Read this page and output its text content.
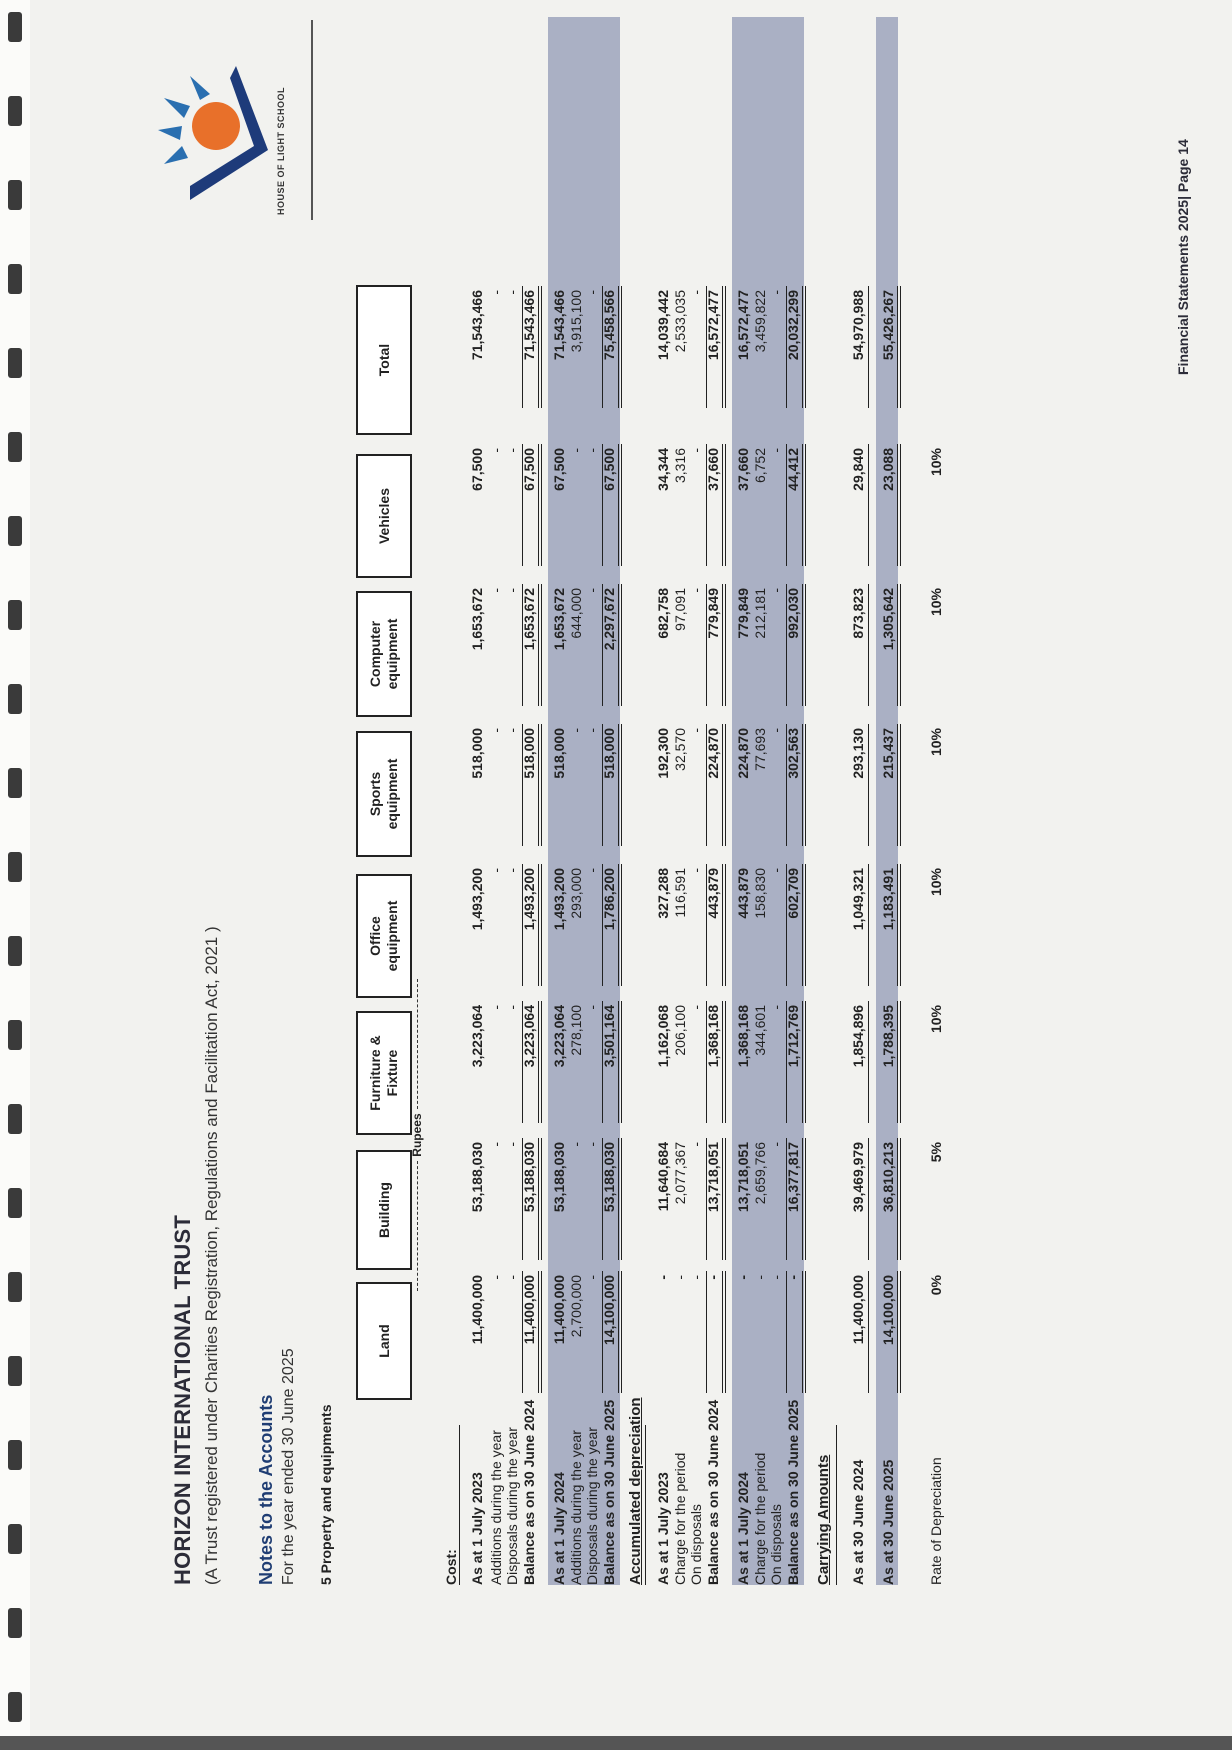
HORIZON INTERNATIONAL TRUST (A Trust registered under Charities Registration, Regulations and Facilitation Act, 2021 ) Notes to the Accounts For the year ended 30 June 2025 5 Property and equipments
HOUSE OF LIGHT SCHOOL
Land
Building
Furniture & Fixture
Office equipment
Sports equipment
Computer equipment
Vehicles
Total
Rupees
Cost:	Accumulated depreciation	Carrying Amounts
As at 1 July 2023
11,400,000
53,188,030
3,223,064
1,493,200
518,000
1,653,672
67,500
71,543,466
Additions during the year
-
-
-
-
-
-
-
-
Disposals during the year
-
-
-
-
-
-
-
-
Balance as on 30 June 2024
11,400,000
53,188,030
3,223,064
1,493,200
518,000
1,653,672
67,500
71,543,466
As at 1 July 2024
11,400,000
53,188,030
3,223,064
1,493,200
518,000
1,653,672
67,500
71,543,466
Additions during the year
2,700,000
-
278,100
293,000
-
644,000
-
3,915,100
Disposals during the year
-
-
-
-
-
-
-
-
Balance as on 30 June 2025
14,100,000
53,188,030
3,501,164
1,786,200
518,000
2,297,672
67,500
75,458,566
As at 1 July 2023
-
11,640,684
1,162,068
327,288
192,300
682,758
34,344
14,039,442
Charge for the period
-
2,077,367
206,100
116,591
32,570
97,091
3,316
2,533,035
On disposals
-
-
-
-
-
-
-
-
Balance as on 30 June 2024
-
13,718,051
1,368,168
443,879
224,870
779,849
37,660
16,572,477
As at 1 July 2024
-
13,718,051
1,368,168
443,879
224,870
779,849
37,660
16,572,477
Charge for the period
-
2,659,766
344,601
158,830
77,693
212,181
6,752
3,459,822
On disposals
-
-
-
-
-
-
-
-
Balance as on 30 June 2025
-
16,377,817
1,712,769
602,709
302,563
992,030
44,412
20,032,299
As at 30 June 2024
11,400,000
39,469,979
1,854,896
1,049,321
293,130
873,823
29,840
54,970,988
As at 30 June 2025
14,100,000
36,810,213
1,788,395
1,183,491
215,437
1,305,642
23,088
55,426,267
Rate of Depreciation
0%
5%
10%
10%
10%
10%
10%
Financial Statements 2025| Page 14
